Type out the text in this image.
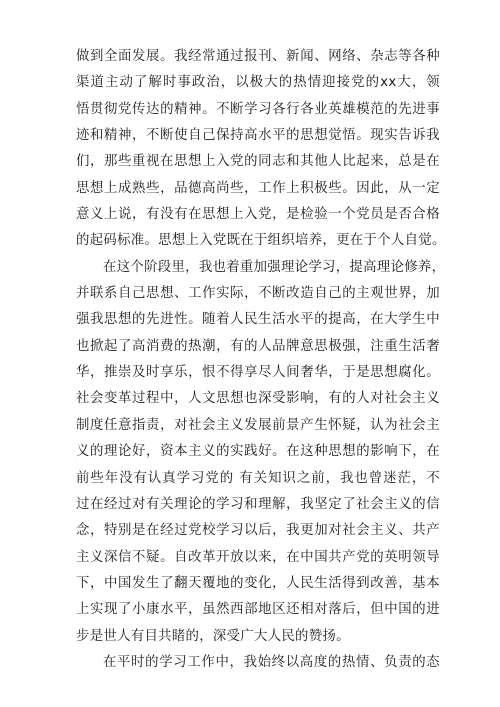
做到全面发展。我经常通过报刊、新闻、网络、杂志等各种
渠道主动了解时事政治，以极大的热情迎接党的xx大，领
悟贯彻党传达的精神。不断学习各行各业英雄模范的先进事
迹和精神，不断使自己保持高水平的思想觉悟。现实告诉我
们，那些重视在思想上入党的同志和其他人比起来，总是在
思想上成熟些，品德高尚些，工作上积极些。因此，从一定
意义上说，有没有在思想上入党，是检验一个党员是否合格
的起码标准。思想上入党既在于组织培养，更在于个人自觉。
在这个阶段里，我也着重加强理论学习，提高理论修养，
并联系自己思想、工作实际，不断改造自己的主观世界，加
强我思想的先进性。随着人民生活水平的提高，在大学生中
也掀起了高消费的热潮，有的人品牌意思极强，注重生活奢
华，推崇及时享乐，恨不得享尽人间奢华，于是思想腐化。
社会变革过程中，人文思想也深受影响，有的人对社会主义
制度任意指责，对社会主义发展前景产生怀疑，认为社会主
义的理论好，资本主义的实践好。在这种思想的影响下，在
前些年没有认真学习党的 有关知识之前，我也曾迷茫，不
过在经过对有关理论的学习和理解，我坚定了社会主义的信
念，特别是在经过党校学习以后，我更加对社会主义、共产
主义深信不疑。自改革开放以来，在中国共产党的英明领导
下，中国发生了翻天覆地的变化，人民生活得到改善，基本
上实现了小康水平，虽然西部地区还相对落后，但中国的进
步是世人有目共睹的，深受广大人民的赞扬。
在平时的学习工作中，我始终以高度的热情、负责的态
